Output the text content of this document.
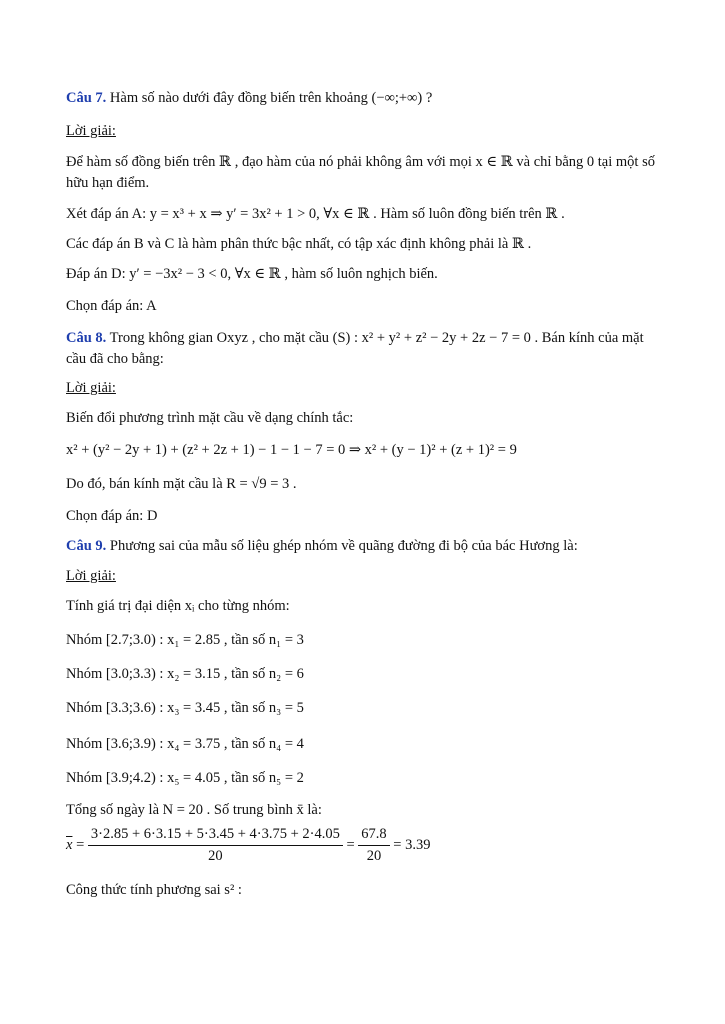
Câu 7. Hàm số nào dưới đây đồng biến trên khoảng (−∞;+∞) ?

Lời giải:

Để hàm số đồng biến trên ℝ , đạo hàm của nó phải không âm với mọi x ∈ ℝ và chỉ bằng 0 tại một số hữu hạn điểm.

Xét đáp án A: y = x³ + x ⇒ y′ = 3x² + 1 > 0, ∀x ∈ ℝ . Hàm số luôn đồng biến trên ℝ .

Các đáp án B và C là hàm phân thức bậc nhất, có tập xác định không phải là ℝ .

Đáp án D: y′ = −3x² − 3 < 0, ∀x ∈ ℝ , hàm số luôn nghịch biến.

Chọn đáp án: A

Câu 8. Trong không gian Oxyz , cho mặt cầu (S) : x² + y² + z² − 2y + 2z − 7 = 0 . Bán kính của mặt cầu đã cho bằng:

Lời giải:

Biến đổi phương trình mặt cầu về dạng chính tắc:

x² + (y² − 2y + 1) + (z² + 2z + 1) − 1 − 1 − 7 = 0 ⇒ x² + (y − 1)² + (z + 1)² = 9

Do đó, bán kính mặt cầu là R = √9 = 3 .

Chọn đáp án: D

Câu 9. Phương sai của mẫu số liệu ghép nhóm về quãng đường đi bộ của bác Hương là:

Lời giải:

Tính giá trị đại diện xᵢ cho từng nhóm:

Nhóm [2.7;3.0) : x₁ = 2.85 , tần số n₁ = 3

Nhóm [3.0;3.3) : x₂ = 3.15 , tần số n₂ = 6

Nhóm [3.3;3.6) : x₃ = 3.45 , tần số n₃ = 5

Nhóm [3.6;3.9) : x₄ = 3.75 , tần số n₄ = 4

Nhóm [3.9;4.2) : x₅ = 4.05 , tần số n₅ = 2

Tổng số ngày là N = 20 . Số trung bình x̄ là:

$\overline{x} = \frac{3\cdot 2.85 + 6\cdot 3.15 + 5\cdot 3.45 + 4\cdot 3.75 + 2\cdot 4.05}{20} = \frac{67.8}{20} = 3.39$

Công thức tính phương sai s² :
